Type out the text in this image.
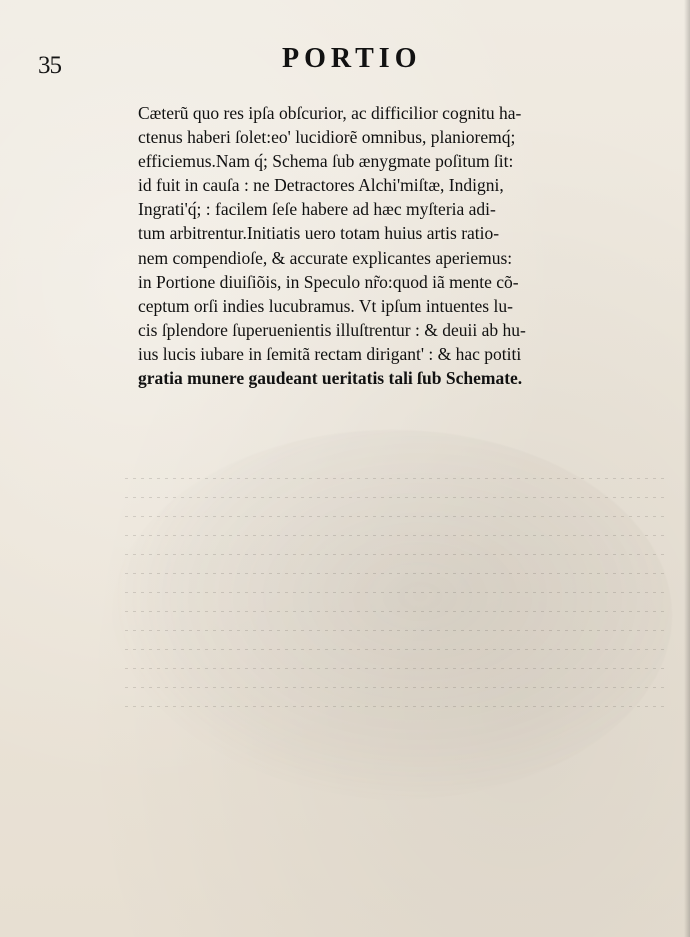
35	PORTIO
Cæterũ quo res ipſa obſcurior, ac difficilior cognitu ha-
ctenus haberi ſolet:eo' lucidiorẽ omnibus, planioremq́;
efficiemus.Nam q́; Schema ſub ænygmate poſitum ſit:
id fuit in cauſa : ne Detractores Alchi'miſtæ, Indigni,
Ingrati'q́; : facilem ſeſe habere ad hæc myſteria adi-
tum arbitrentur.Initiatis uero totam huius artis ratio-
nem compendioſe, & accurate explicantes aperiemus:
in Portione diuiſiõis, in Speculo nr̃o:quod iã mente cõ-
ceptum orſi indies lucubramus. Vt ipſum intuentes lu-
cis ſplendore ſuperuenientis illuſtrentur : & deuii ab hu-
ius lucis iubare in ſemitã rectam dirigant' : & hac potiti
gratia munere gaudeant ueritatis tali ſub Schemate.
